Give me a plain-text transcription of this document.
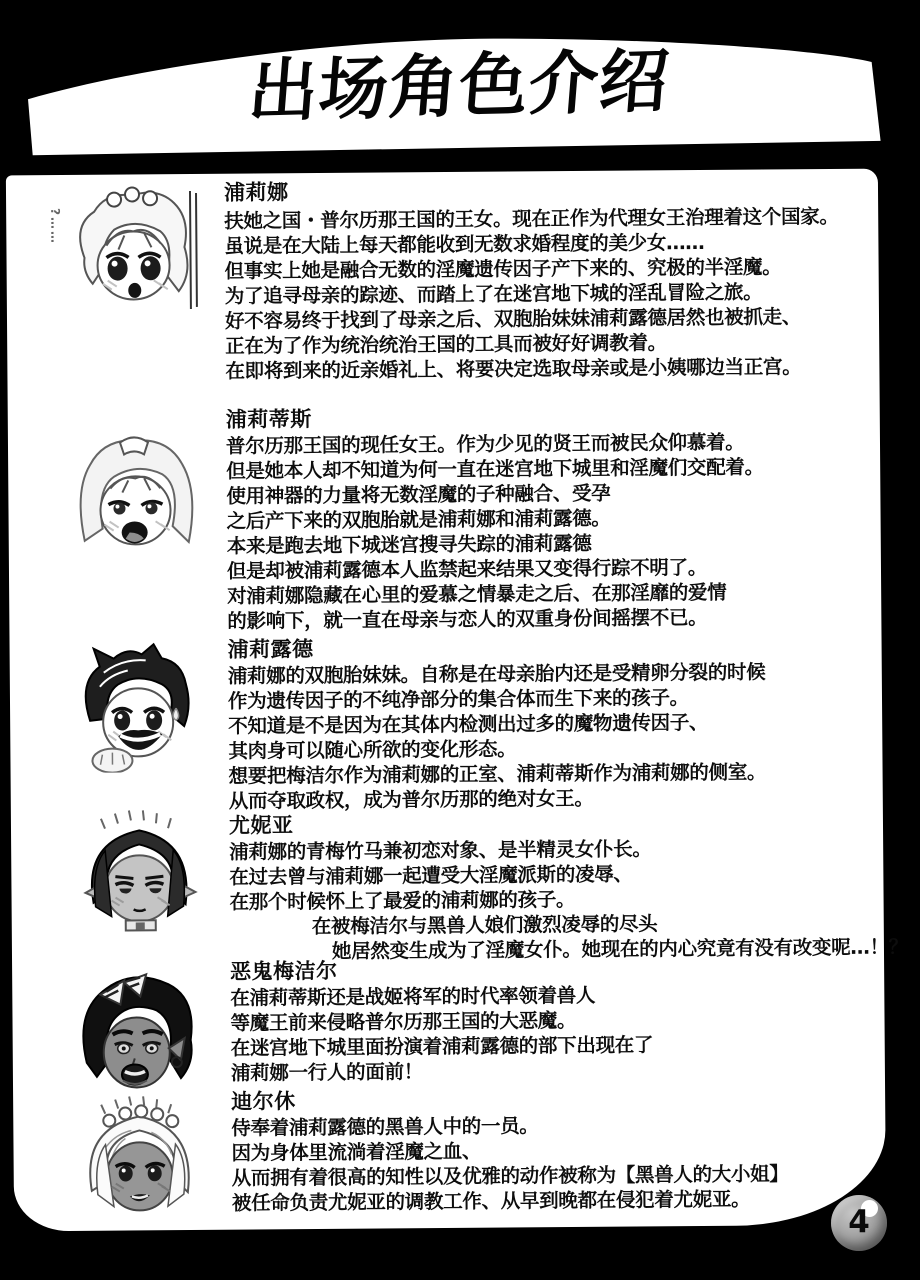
出场角色介绍
?……
浦莉娜
扶她之国・普尔历那王国的王女。现在正作为代理女王治理着这个国家。
虽说是在大陆上每天都能收到无数求婚程度的美少女……
但事实上她是融合无数的淫魔遗传因子产下来的、究极的半淫魔。
为了追寻母亲的踪迹、而踏上了在迷宫地下城的淫乱冒险之旅。
好不容易终于找到了母亲之后、双胞胎妹妹浦莉露德居然也被抓走、
正在为了作为统治统治王国的工具而被好好调教着。
在即将到来的近亲婚礼上、将要决定选取母亲或是小姨哪边当正宫。
浦莉蒂斯
普尔历那王国的现任女王。作为少见的贤王而被民众仰慕着。
但是她本人却不知道为何一直在迷宫地下城里和淫魔们交配着。
使用神器的力量将无数淫魔的子种融合、受孕
之后产下来的双胞胎就是浦莉娜和浦莉露德。
本来是跑去地下城迷宫搜寻失踪的浦莉露德
但是却被浦莉露德本人监禁起来结果又变得行踪不明了。
对浦莉娜隐藏在心里的爱慕之情暴走之后、在那淫靡的爱情
的影响下，就一直在母亲与恋人的双重身份间摇摆不已。
浦莉露德
浦莉娜的双胞胎妹妹。自称是在母亲胎内还是受精卵分裂的时候
作为遗传因子的不纯净部分的集合体而生下来的孩子。
不知道是不是因为在其体内检测出过多的魔物遗传因子、
其肉身可以随心所欲的变化形态。
想要把梅洁尔作为浦莉娜的正室、浦莉蒂斯作为浦莉娜的侧室。
从而夺取政权，成为普尔历那的绝对女王。
尤妮亚
浦莉娜的青梅竹马兼初恋对象、是半精灵女仆长。
在过去曾与浦莉娜一起遭受大淫魔派斯的凌辱、
在那个时候怀上了最爱的浦莉娜的孩子。
在被梅洁尔与黑兽人娘们激烈凌辱的尽头
她居然变生成为了淫魔女仆。她现在的内心究竟有没有改变呢…！？
恶鬼梅洁尔
在浦莉蒂斯还是战姬将军的时代率领着兽人
等魔王前来侵略普尔历那王国的大恶魔。
在迷宫地下城里面扮演着浦莉露德的部下出现在了
浦莉娜一行人的面前！
迪尔休
侍奉着浦莉露德的黑兽人中的一员。
因为身体里流淌着淫魔之血、
从而拥有着很高的知性以及优雅的动作被称为【黑兽人的大小姐】
被任命负责尤妮亚的调教工作、从早到晚都在侵犯着尤妮亚。
4
